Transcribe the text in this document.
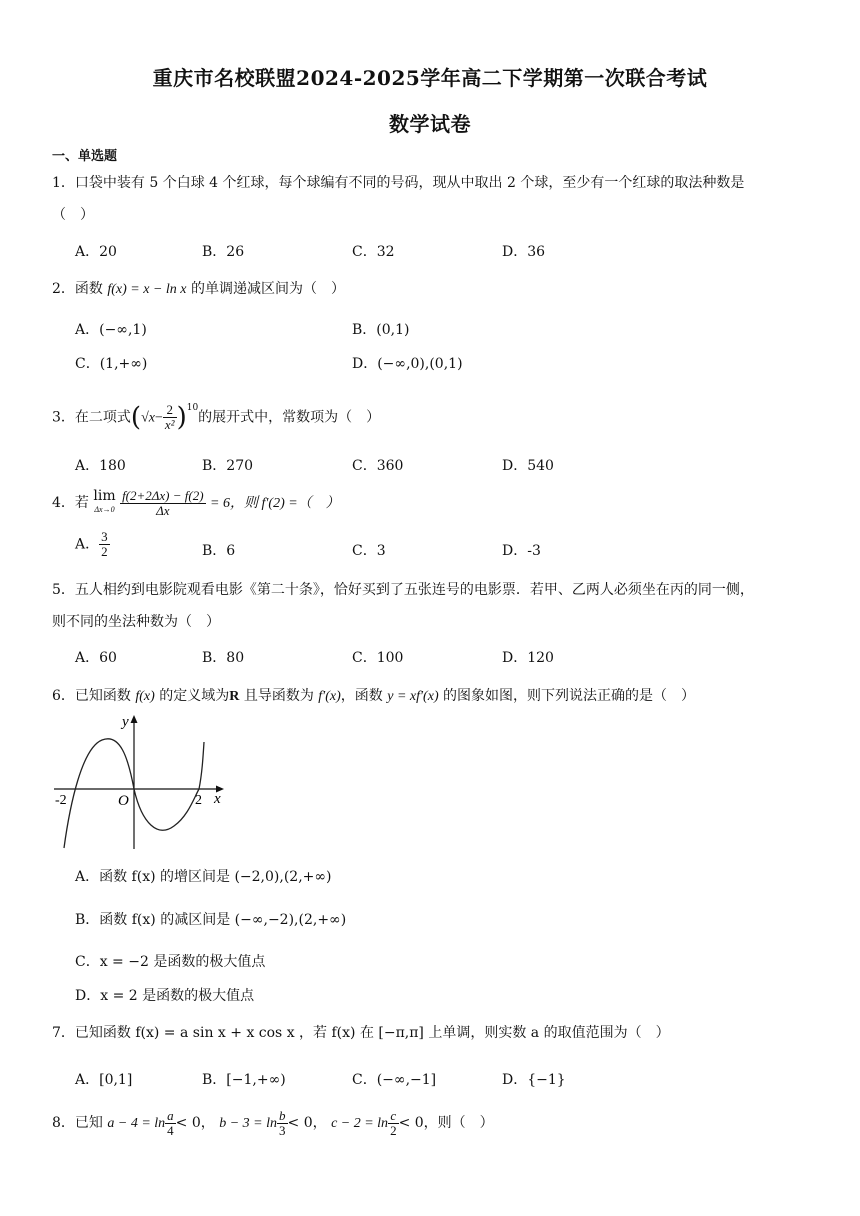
重庆市名校联盟2024-2025学年高二下学期第一次联合考试
数学试卷
一、单选题
1．口袋中装有 5 个白球 4 个红球，每个球编有不同的号码，现从中取出 2 个球，至少有一个红球的取法种数是
（　）
A．20	B．26	C．32	D．36
2．函数 f(x) = x − ln x 的单调递减区间为（　）
A．(−∞,1)	B．(0,1)
C．(1,+∞)	D．(−∞,0),(0,1)
3．在二项式$(√x- \frac{2}{\text{x²}} )^{10}$的展开式中，常数项为（　）
A．180	B．270	C．360	D．540
4．若 lim
Δx→0
$\frac{f(2+2\Delta x) - f(2)}{\Delta x} = 6$，则 f′(2) =（　）
A． $\frac{3}{2}$	B．6	C．3	D．-3
5．五人相约到电影院观看电影《第二十条》，恰好买到了五张连号的电影票．若甲、乙两人必须坐在丙的同一侧，
则不同的坐法种数为（　）
A．60	B．80	C．100	D．120
6．已知函数 f(x) 的定义域为R 且导函数为 f′(x)，函数 y = xf′(x) 的图象如图，则下列说法正确的是（　）
y
x
O
-2	2
A．函数 f(x) 的增区间是 (−2,0),(2,+∞)
B．函数 f(x) 的减区间是 (−∞,−2),(2,+∞)
C．x = −2 是函数的极大值点
D．x = 2 是函数的极大值点
7．已知函数 f(x) = a sin x + x cos x ，若 f(x) 在 [−π,π] 上单调，则实数 a 的取值范围为（　）
A．[0,1]	B．[−1,+∞)	C．(−∞,−1]	D．{−1}
8．已知 $a - 4 = \ln \frac{a}{4} < 0$， $b - 3 = \ln \frac{b}{3} < 0$， $c - 2 = \ln \frac{c}{2} < 0$，则（　）
